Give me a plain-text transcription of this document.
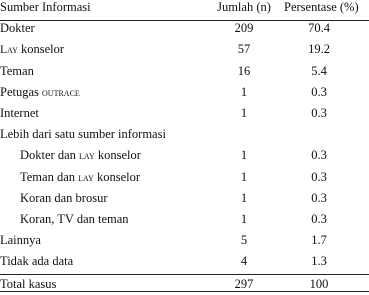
Sumber Informasi	Jumlah (n) Persentase (%)
Dokter	209	70.4
Lay konselor	57	19.2
Teman	16	5.4
Petugas outrace	1	0.3
Internet	1	0.3
Lebih dari satu sumber informasi
Dokter dan lay konselor	1	0.3
Teman dan lay konselor	1	0.3
Koran dan brosur	1	0.3
Koran, TV dan teman	1	0.3
Lainnya	5	1.7
Tidak ada data	4	1.3
Total kasus	297	100
